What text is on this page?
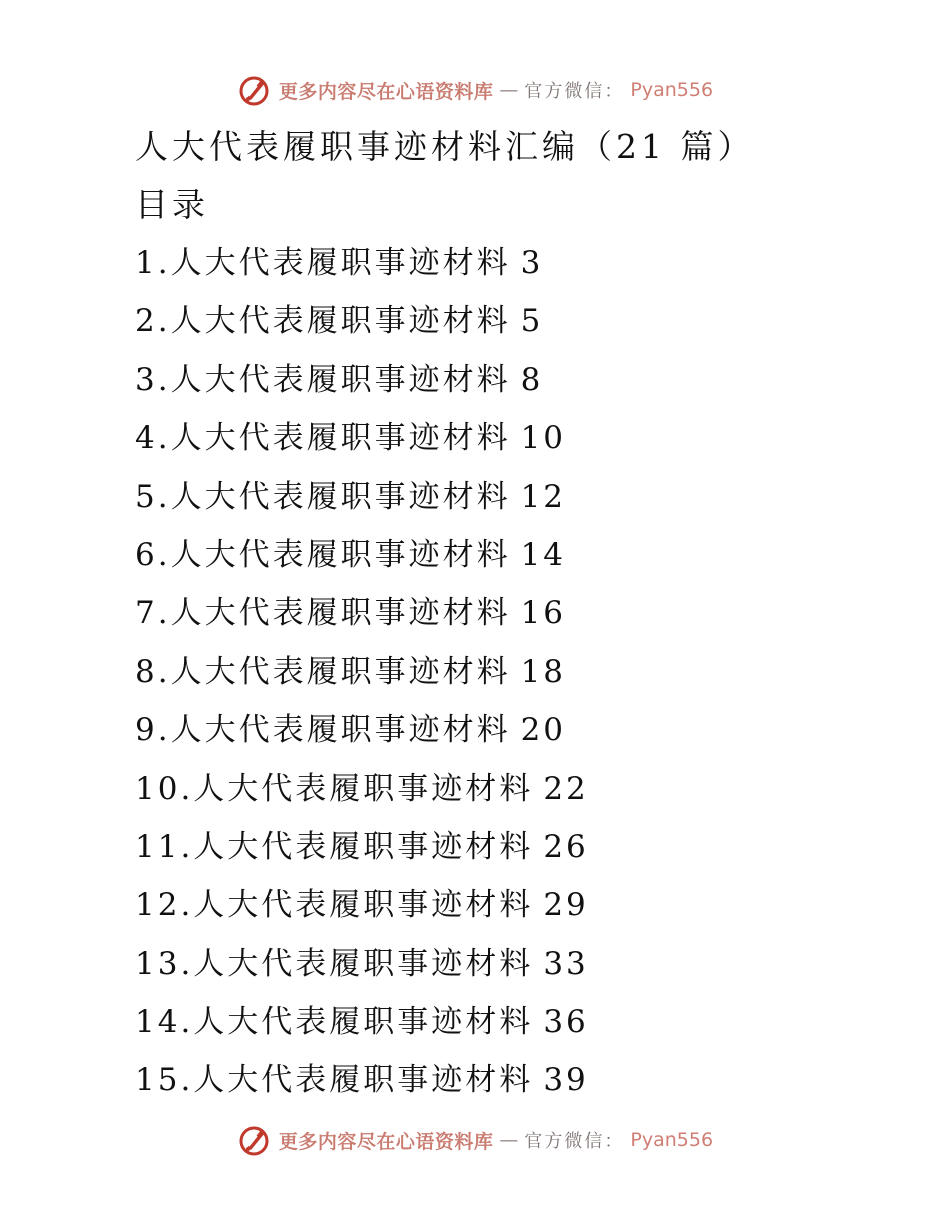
更多内容尽在心语资料库 — 官方微信： Pyan556
人大代表履职事迹材料汇编（21 篇）
目录
1.人大代表履职事迹材料 3
2.人大代表履职事迹材料 5
3.人大代表履职事迹材料 8
4.人大代表履职事迹材料 10
5.人大代表履职事迹材料 12
6.人大代表履职事迹材料 14
7.人大代表履职事迹材料 16
8.人大代表履职事迹材料 18
9.人大代表履职事迹材料 20
10.人大代表履职事迹材料 22
11.人大代表履职事迹材料 26
12.人大代表履职事迹材料 29
13.人大代表履职事迹材料 33
14.人大代表履职事迹材料 36
15.人大代表履职事迹材料 39
更多内容尽在心语资料库 — 官方微信： Pyan556
